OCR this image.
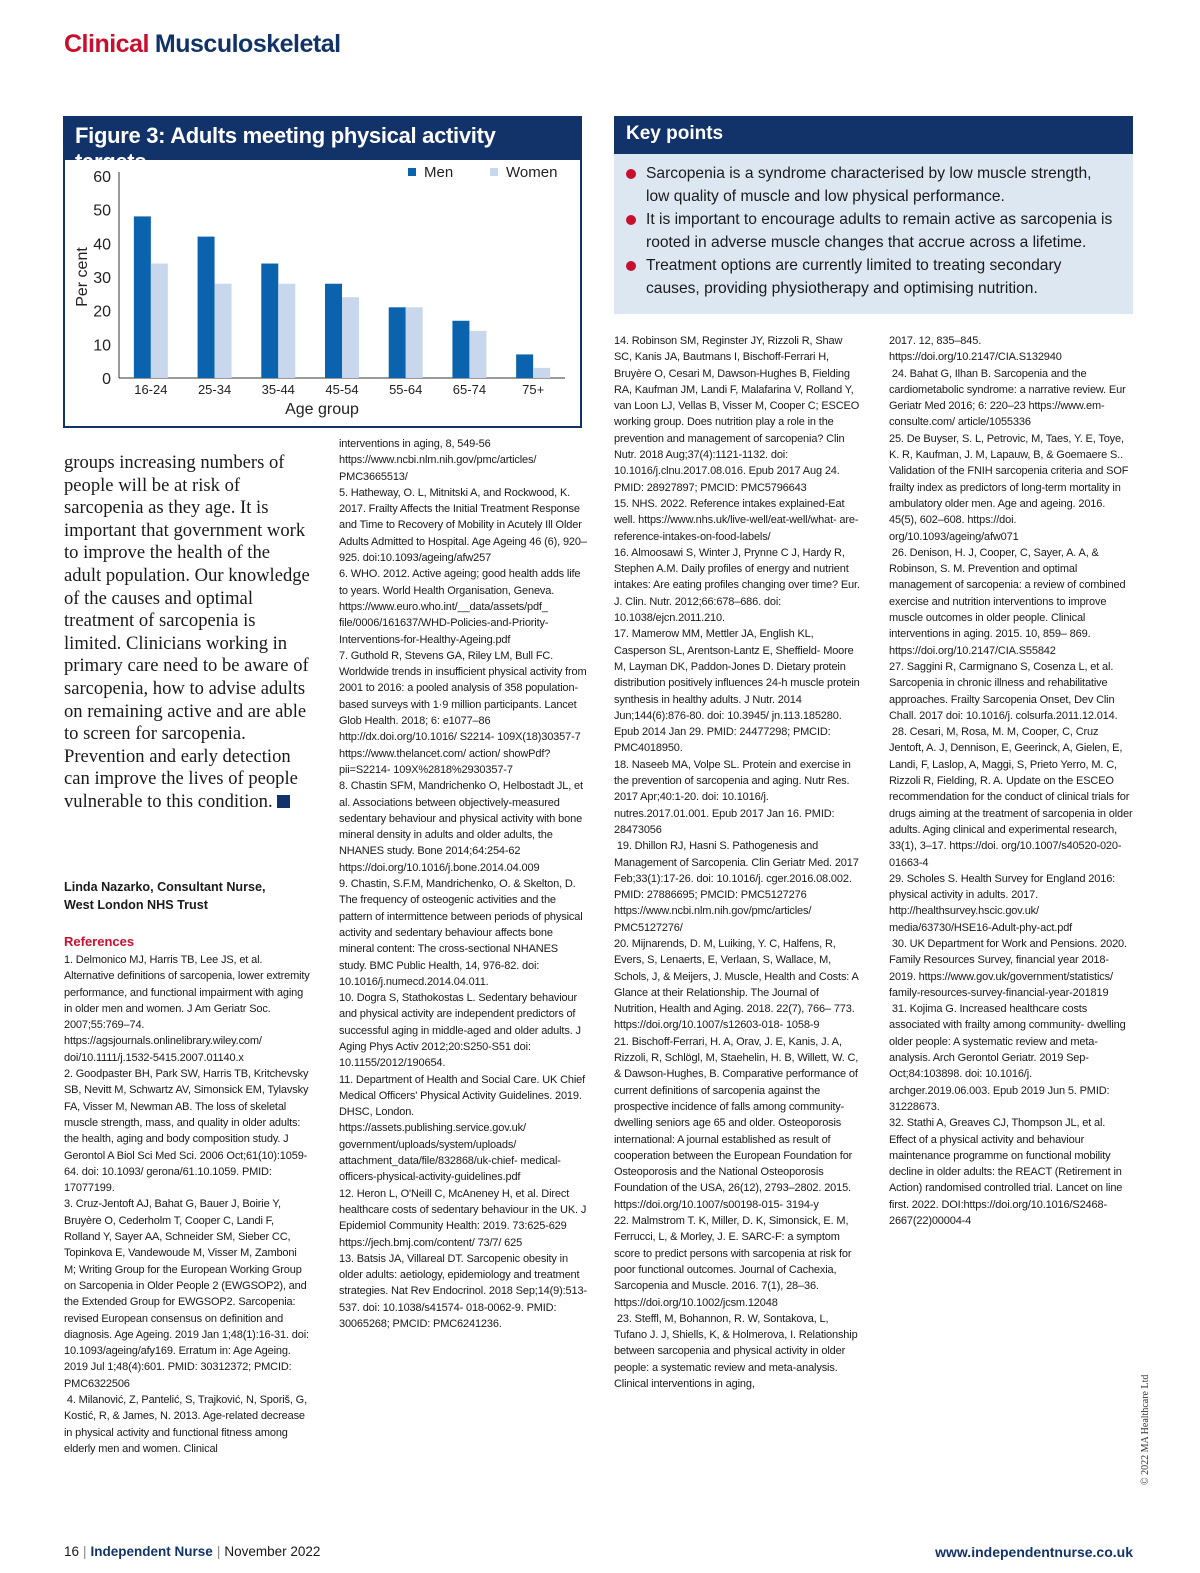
Clinical Musculoskeletal
Figure 3: Adults meeting physical activity targets
0
10
20
30
40
50
60
Per cent
16-24 25-34 35-44 45-54 55-64 65-74	75+
Age group
Men	Women
Key points
Sarcopenia is a syndrome characterised by low muscle strength, low quality of muscle and low physical performance.
It is important to encourage adults to remain active as sarcopenia is rooted in adverse muscle changes that accrue across a lifetime.
Treatment options are currently limited to treating secondary causes, providing physiotherapy and optimising nutrition.
groups increasing numbers of people will be at risk of sarcopenia as they age. It is important that government work to improve the health of the adult population. Our knowledge of the causes and optimal treatment of sarcopenia is limited. Clinicians working in primary care need to be aware of sarcopenia, how to advise adults on remaining active and are able to screen for sarcopenia. Prevention and early detection can improve the lives of people vulnerable to this condition.
Linda Nazarko, Consultant Nurse,
West London NHS Trust
References
1. Delmonico MJ, Harris TB, Lee JS, et al. Alternative definitions of sarcopenia, lower extremity performance, and functional impairment with aging in older men and women. J Am Geriatr Soc. 2007;55:769–74. https://agsjournals.onlinelibrary.wiley.com/ doi/10.1111/j.1532-5415.2007.01140.x
2. Goodpaster BH, Park SW, Harris TB, Kritchevsky SB, Nevitt M, Schwartz AV, Simonsick EM, Tylavsky FA, Visser M, Newman AB. The loss of skeletal muscle strength, mass, and quality in older adults: the health, aging and body composition study. J Gerontol A Biol Sci Med Sci. 2006 Oct;61(10):1059-64. doi: 10.1093/ gerona/61.10.1059. PMID: 17077199.
3. Cruz-Jentoft AJ, Bahat G, Bauer J, Boirie Y, Bruyère O, Cederholm T, Cooper C, Landi F, Rolland Y, Sayer AA, Schneider SM, Sieber CC, Topinkova E, Vandewoude M, Visser M, Zamboni M; Writing Group for the European Working Group on Sarcopenia in Older People 2 (EWGSOP2), and the Extended Group for EWGSOP2. Sarcopenia: revised European consensus on definition and diagnosis. Age Ageing. 2019 Jan 1;48(1):16-31. doi: 10.1093/ageing/afy169. Erratum in: Age Ageing. 2019 Jul 1;48(4):601. PMID: 30312372; PMCID: PMC6322506
4. Milanović, Z, Pantelić, S, Trajković, N, Sporiš, G, Kostić, R, & James, N. 2013. Age-related decrease in physical activity and functional fitness among elderly men and women. Clinical
interventions in aging, 8, 549-56 https://www.ncbi.nlm.nih.gov/pmc/articles/ PMC3665513/
5. Hatheway, O. L, Mitnitski A, and Rockwood, K. 2017. Frailty Affects the Initial Treatment Response and Time to Recovery of Mobility in Acutely Ill Older Adults Admitted to Hospital. Age Ageing 46 (6), 920–925. doi:10.1093/ageing/afw257
6. WHO. 2012. Active ageing; good health adds life to years. World Health Organisation, Geneva. https://www.euro.who.int/__data/assets/pdf_ file/0006/161637/WHD-Policies-and-Priority- Interventions-for-Healthy-Ageing.pdf
7. Guthold R, Stevens GA, Riley LM, Bull FC. Worldwide trends in insufficient physical activity from 2001 to 2016: a pooled analysis of 358 population-based surveys with 1·9 million participants. Lancet Glob Health. 2018; 6: e1077–86 http://dx.doi.org/10.1016/ S2214- 109X(18)30357-7 https://www.thelancet.com/ action/ showPdf?pii=S2214- 109X%2818%2930357-7
8. Chastin SFM, Mandrichenko O, Helbostadt JL, et al. Associations between objectively-measured sedentary behaviour and physical activity with bone mineral density in adults and older adults, the NHANES study. Bone 2014;64:254-62 https://doi.org/10.1016/j.bone.2014.04.009
9. Chastin, S.F.M, Mandrichenko, O. & Skelton, D. The frequency of osteogenic activities and the pattern of intermittence between periods of physical activity and sedentary behaviour affects bone mineral content: The cross-sectional NHANES study. BMC Public Health, 14, 976-82. doi: 10.1016/j.numecd.2014.04.011.
10. Dogra S, Stathokostas L. Sedentary behaviour and physical activity are independent predictors of successful aging in middle-aged and older adults. J Aging Phys Activ 2012;20:S250-S51 doi: 10.1155/2012/190654.
11. Department of Health and Social Care. UK Chief Medical Officers' Physical Activity Guidelines. 2019. DHSC, London. https://assets.publishing.service.gov.uk/ government/uploads/system/uploads/ attachment_data/file/832868/uk-chief- medical-officers-physical-activity-guidelines.pdf
12. Heron L, O'Neill C, McAneney H, et al. Direct healthcare costs of sedentary behaviour in the UK. J Epidemiol Community Health: 2019. 73:625-629 https://jech.bmj.com/content/ 73/7/ 625
13. Batsis JA, Villareal DT. Sarcopenic obesity in older adults: aetiology, epidemiology and treatment strategies. Nat Rev Endocrinol. 2018 Sep;14(9):513-537. doi: 10.1038/s41574- 018-0062-9. PMID: 30065268; PMCID: PMC6241236.
14. Robinson SM, Reginster JY, Rizzoli R, Shaw SC, Kanis JA, Bautmans I, Bischoff-Ferrari H, Bruyère O, Cesari M, Dawson-Hughes B, Fielding RA, Kaufman JM, Landi F, Malafarina V, Rolland Y, van Loon LJ, Vellas B, Visser M, Cooper C; ESCEO working group. Does nutrition play a role in the prevention and management of sarcopenia? Clin Nutr. 2018 Aug;37(4):1121-1132. doi: 10.1016/j.clnu.2017.08.016. Epub 2017 Aug 24. PMID: 28927897; PMCID: PMC5796643
15. NHS. 2022. Reference intakes explained-Eat well. https://www.nhs.uk/live-well/eat-well/what- are-reference-intakes-on-food-labels/
16. Almoosawi S, Winter J, Prynne C J, Hardy R, Stephen A.M. Daily profiles of energy and nutrient intakes: Are eating profiles changing over time? Eur. J. Clin. Nutr. 2012;66:678–686. doi: 10.1038/ejcn.2011.210.
17. Mamerow MM, Mettler JA, English KL, Casperson SL, Arentson-Lantz E, Sheffield- Moore M, Layman DK, Paddon-Jones D. Dietary protein distribution positively influences 24-h muscle protein synthesis in healthy adults. J Nutr. 2014 Jun;144(6):876-80. doi: 10.3945/ jn.113.185280. Epub 2014 Jan 29. PMID: 24477298; PMCID: PMC4018950.
18. Naseeb MA, Volpe SL. Protein and exercise in the prevention of sarcopenia and aging. Nutr Res. 2017 Apr;40:1-20. doi: 10.1016/j. nutres.2017.01.001. Epub 2017 Jan 16. PMID: 28473056
19. Dhillon RJ, Hasni S. Pathogenesis and Management of Sarcopenia. Clin Geriatr Med. 2017 Feb;33(1):17-26. doi: 10.1016/j. cger.2016.08.002. PMID: 27886695; PMCID: PMC5127276 https://www.ncbi.nlm.nih.gov/pmc/articles/ PMC5127276/
20. Mijnarends, D. M, Luiking, Y. C, Halfens, R, Evers, S, Lenaerts, E, Verlaan, S, Wallace, M, Schols, J, & Meijers, J. Muscle, Health and Costs: A Glance at their Relationship. The Journal of Nutrition, Health and Aging. 2018. 22(7), 766– 773. https://doi.org/10.1007/s12603-018- 1058-9
21. Bischoff-Ferrari, H. A, Orav, J. E, Kanis, J. A, Rizzoli, R, Schlögl, M, Staehelin, H. B, Willett, W. C, & Dawson-Hughes, B. Comparative performance of current definitions of sarcopenia against the prospective incidence of falls among community-dwelling seniors age 65 and older. Osteoporosis international: A journal established as result of cooperation between the European Foundation for Osteoporosis and the National Osteoporosis Foundation of the USA, 26(12), 2793–2802. 2015. https://doi.org/10.1007/s00198-015- 3194-y
22. Malmstrom T. K, Miller, D. K, Simonsick, E. M, Ferrucci, L, & Morley, J. E. SARC-F: a symptom score to predict persons with sarcopenia at risk for poor functional outcomes. Journal of Cachexia, Sarcopenia and Muscle. 2016. 7(1), 28–36. https://doi.org/10.1002/jcsm.12048
23. Steffl, M, Bohannon, R. W, Sontakova, L, Tufano J. J, Shiells, K, & Holmerova, I. Relationship between sarcopenia and physical activity in older people: a systematic review and meta-analysis. Clinical interventions in aging,
2017. 12, 835–845. https://doi.org/10.2147/CIA.S132940
24. Bahat G, Ilhan B. Sarcopenia and the cardiometabolic syndrome: a narrative review. Eur Geriatr Med 2016; 6: 220–23 https://www.em-consulte.com/ article/1055336
25. De Buyser, S. L, Petrovic, M, Taes, Y. E, Toye, K. R, Kaufman, J. M, Lapauw, B, & Goemaere S.. Validation of the FNIH sarcopenia criteria and SOF frailty index as predictors of long-term mortality in ambulatory older men. Age and ageing. 2016. 45(5), 602–608. https://doi. org/10.1093/ageing/afw071
26. Denison, H. J, Cooper, C, Sayer, A. A, & Robinson, S. M. Prevention and optimal management of sarcopenia: a review of combined exercise and nutrition interventions to improve muscle outcomes in older people. Clinical interventions in aging. 2015. 10, 859– 869. https://doi.org/10.2147/CIA.S55842
27. Saggini R, Carmignano S, Cosenza L, et al. Sarcopenia in chronic illness and rehabilitative approaches. Frailty Sarcopenia Onset, Dev Clin Chall. 2017 doi: 10.1016/j. colsurfa.2011.12.014.
28. Cesari, M, Rosa, M. M, Cooper, C, Cruz Jentoft, A. J, Dennison, E, Geerinck, A, Gielen, E, Landi, F, Laslop, A, Maggi, S, Prieto Yerro, M. C, Rizzoli R, Fielding, R. A. Update on the ESCEO recommendation for the conduct of clinical trials for drugs aiming at the treatment of sarcopenia in older adults. Aging clinical and experimental research, 33(1), 3–17. https://doi. org/10.1007/s40520-020-01663-4
29. Scholes S. Health Survey for England 2016: physical activity in adults. 2017. http://healthsurvey.hscic.gov.uk/ media/63730/HSE16-Adult-phy-act.pdf
30. UK Department for Work and Pensions. 2020. Family Resources Survey, financial year 2018-2019. https://www.gov.uk/government/statistics/ family-resources-survey-financial-year-201819
31. Kojima G. Increased healthcare costs associated with frailty among community- dwelling older people: A systematic review and meta-analysis. Arch Gerontol Geriatr. 2019 Sep- Oct;84:103898. doi: 10.1016/j. archger.2019.06.003. Epub 2019 Jun 5. PMID: 31228673.
32. Stathi A, Greaves CJ, Thompson JL, et al. Effect of a physical activity and behaviour maintenance programme on functional mobility decline in older adults: the REACT (Retirement in Action) randomised controlled trial. Lancet on line first. 2022. DOI:https://doi.org/10.1016/S2468- 2667(22)00004-4
© 2022 MA Healthcare Ltd
16 | Independent Nurse | November 2022	www.independentnurse.co.uk
